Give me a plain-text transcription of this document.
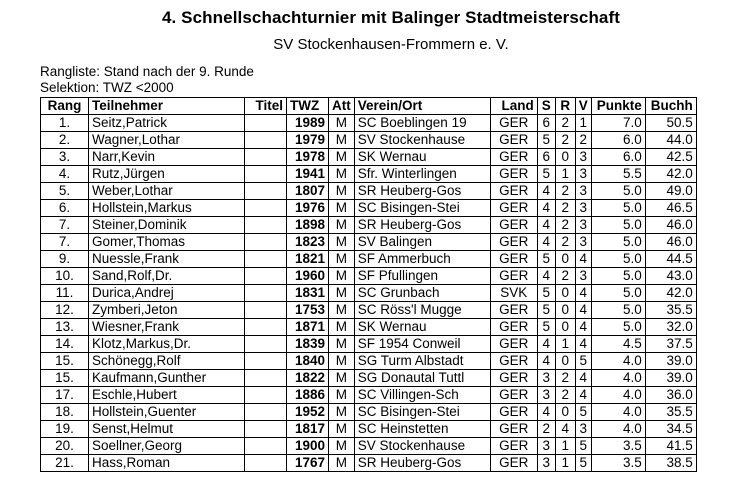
4. Schnellschachturnier mit Balinger Stadtmeisterschaft
SV Stockenhausen-Frommern e. V.
Rangliste: Stand nach der 9. Runde
Selektion: TWZ <2000
Rang	Teilnehmer	Titel	TWZ	Att	Verein/Ort	Land	S	R	V	Punkte	Buchh
1.	Seitz,Patrick		1989	M	SC Boeblingen 19	GER	6	2	1	7.0	50.5
2.	Wagner,Lothar		1979	M	SV Stockenhause	GER	5	2	2	6.0	44.0
3.	Narr,Kevin		1978	M	SK Wernau	GER	6	0	3	6.0	42.5
4.	Rutz,Jürgen		1941	M	Sfr. Winterlingen	GER	5	1	3	5.5	42.0
5.	Weber,Lothar		1807	M	SR Heuberg-Gos	GER	4	2	3	5.0	49.0
6.	Hollstein,Markus		1976	M	SC Bisingen-Stei	GER	4	2	3	5.0	46.5
7.	Steiner,Dominik		1898	M	SR Heuberg-Gos	GER	4	2	3	5.0	46.0
7.	Gomer,Thomas		1823	M	SV Balingen	GER	4	2	3	5.0	46.0
9.	Nuessle,Frank		1821	M	SF Ammerbuch	GER	5	0	4	5.0	44.5
10.	Sand,Rolf,Dr.		1960	M	SF Pfullingen	GER	4	2	3	5.0	43.0
11.	Durica,Andrej		1831	M	SC Grunbach	SVK	5	0	4	5.0	42.0
12.	Zymberi,Jeton		1753	M	SC Röss'l Mugge	GER	5	0	4	5.0	35.5
13.	Wiesner,Frank		1871	M	SK Wernau	GER	5	0	4	5.0	32.0
14.	Klotz,Markus,Dr.		1839	M	SF 1954 Conweil	GER	4	1	4	4.5	37.5
15.	Schönegg,Rolf		1840	M	SG Turm Albstadt	GER	4	0	5	4.0	39.0
15.	Kaufmann,Gunther		1822	M	SG Donautal Tuttl	GER	3	2	4	4.0	39.0
17.	Eschle,Hubert		1886	M	SC Villingen-Sch	GER	3	2	4	4.0	36.0
18.	Hollstein,Guenter		1952	M	SC Bisingen-Stei	GER	4	0	5	4.0	35.5
19.	Senst,Helmut		1817	M	SC Heinstetten	GER	2	4	3	4.0	34.5
20.	Soellner,Georg		1900	M	SV Stockenhause	GER	3	1	5	3.5	41.5
21.	Hass,Roman		1767	M	SR Heuberg-Gos	GER	3	1	5	3.5	38.5
